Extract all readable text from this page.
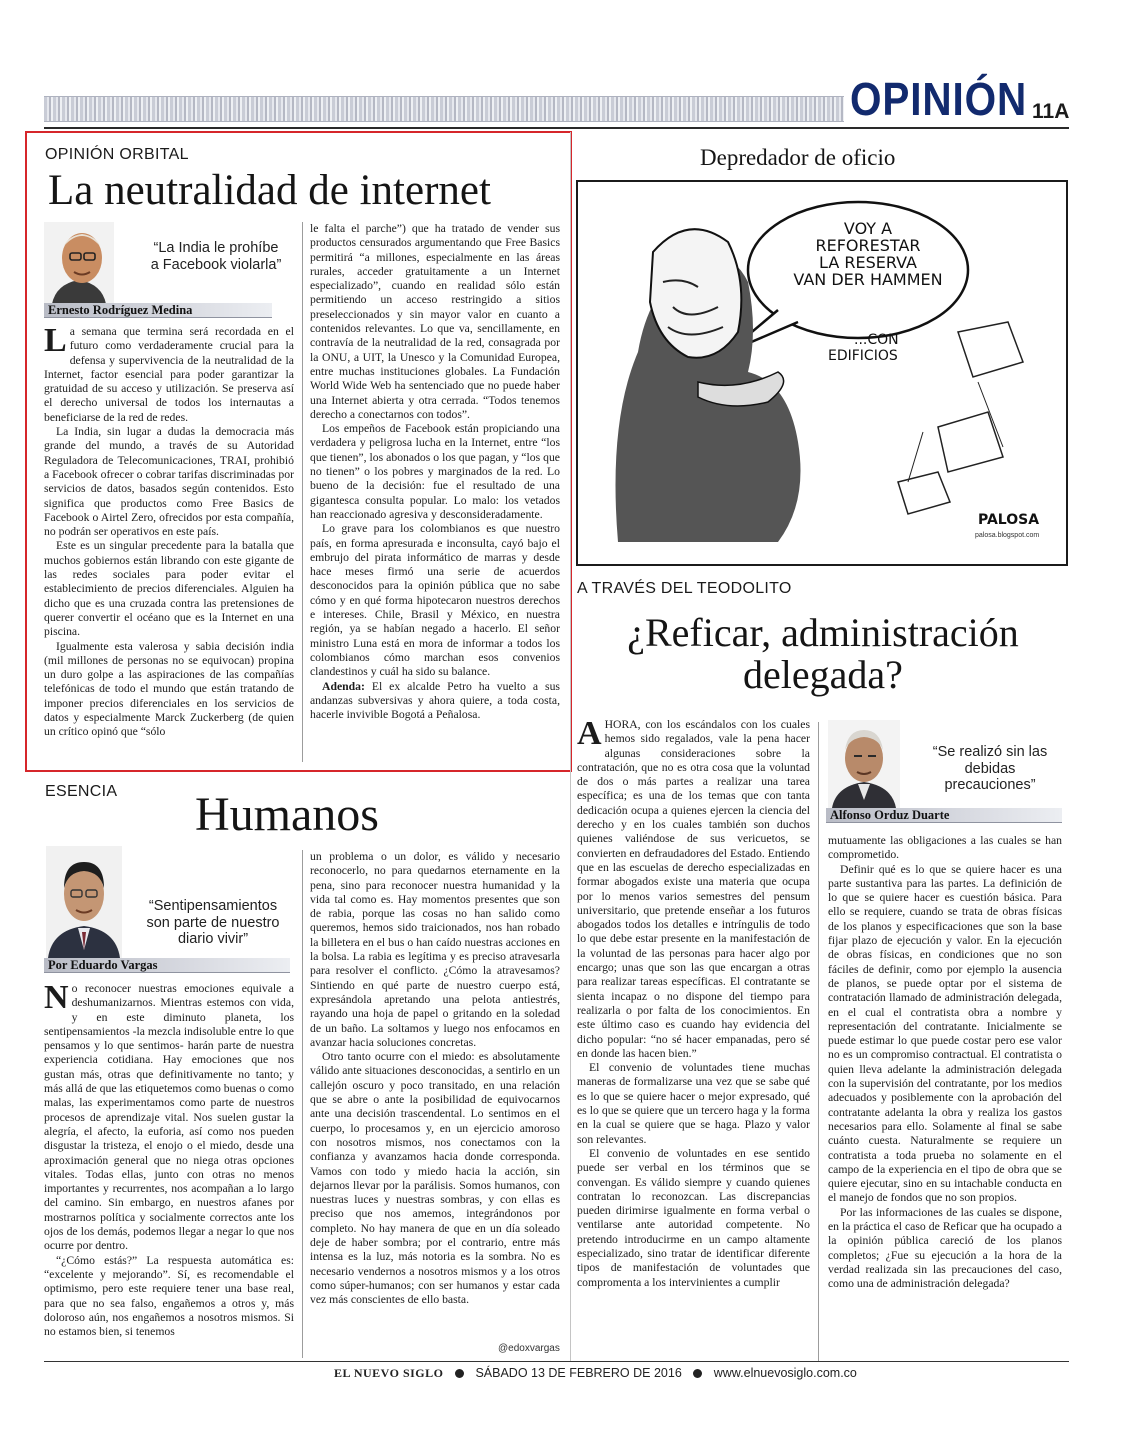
OPINIÓN 11A
OPINIÓN ORBITAL
La neutralidad de internet
“La India le prohíbe a Facebook violarla”
Ernesto Rodríguez Medina

La semana que termina será recordada en el futuro como verdaderamente crucial para la defensa y supervivencia de la neutralidad de la Internet, factor esencial para poder garantizar la gratuidad de su acceso y utilización. Se preserva así el derecho universal de todos los internautas a beneficiarse de la red de redes.

La India, sin lugar a dudas la democracia más grande del mundo, a través de su Autoridad Reguladora de Telecomunicaciones, TRAI, prohibió a Facebook ofrecer o cobrar tarifas discriminadas por servicios de datos, basados según contenidos. Esto significa que productos como Free Basics de Facebook o Airtel Zero, ofrecidos por esta compañía, no podrán ser operativos en este país.

Este es un singular precedente para la batalla que muchos gobiernos están librando con este gigante de las redes sociales para poder evitar el establecimiento de precios diferenciales. Alguien ha dicho que es una cruzada contra las pretensiones de querer convertir el océano que es la Internet en una piscina.

Igualmente esta valerosa y sabia decisión india (mil millones de personas no se equivocan) propina un duro golpe a las aspiraciones de las compañías telefónicas de todo el mundo que están tratando de imponer precios diferenciales en los servicios de datos y especialmente Marck Zuckerberg (de quien un crítico opinó que “sólo

le falta el parche”) que ha tratado de vender sus productos censurados argumentando que Free Basics permitirá “a millones, especialmente en las áreas rurales, acceder gratuitamente a un Internet especializado”, cuando en realidad sólo están permitiendo un acceso restringido a sitios preseleccionados y sin mayor valor en cuanto a contenidos relevantes. Lo que va, sencillamente, en contravía de la neutralidad de la red, consagrada por la ONU, a UIT, la Unesco y la Comunidad Europea, entre muchas instituciones globales. La Fundación World Wide Web ha sentenciado que no puede haber una Internet abierta y otra cerrada. “Todos tenemos derecho a conectarnos con todos”.

Los empeños de Facebook están propiciando una verdadera y peligrosa lucha en la Internet, entre “los que tienen”, los abonados o los que pagan, y “los que no tienen” o los pobres y marginados de la red. Lo bueno de la decisión: fue el resultado de una gigantesca consulta popular. Lo malo: los vetados han reaccionado agresiva y desconsideradamente.

Lo grave para los colombianos es que nuestro país, en forma apresurada e inconsulta, cayó bajo el embrujo del pirata informático de marras y desde hace meses firmó una serie de acuerdos desconocidos para la opinión pública que no sabe cómo y en qué forma hipotecaron nuestros derechos e intereses. Chile, Brasil y México, en nuestra región, ya se habían negado a hacerlo. El señor ministro Luna está en mora de informar a todos los colombianos cómo marchan esos convenios clandestinos y cuál ha sido su balance.

Adenda: El ex alcalde Petro ha vuelto a sus andanzas subversivas y ahora quiere, a toda costa, hacerle invivible Bogotá a Peñalosa.

Depredador de oficio
VOY A
REFORESTAR
LA RESERVA
VAN DER HAMMEN
...CON
EDIFICIOS
PALOSA
palosa.blogspot.com
A TRAVÉS DEL TEODOLITO
¿Reficar, administración
delegada?

AHORA, con los escándalos con los cuales hemos sido regalados, vale la pena hacer algunas consideraciones sobre la contratación, que no es otra cosa que la voluntad de dos o más partes a realizar una tarea específica; es una de los temas que con tanta dedicación ocupa a quienes ejercen la ciencia del derecho y en los cuales también son duchos quienes valiéndose de sus vericuetos, se convierten en defraudadores del Estado. Entiendo que en las escuelas de derecho especializadas en formar abogados existe una materia que ocupa por lo menos varios semestres del pensum universitario, que pretende enseñar a los futuros abogados todos los detalles e intríngulis de todo lo que debe estar presente en la manifestación de la voluntad de las personas para hacer algo por encargo; unas que son las que encargan a otras para realizar tareas específicas. El contratante se sienta incapaz o no dispone del tiempo para realizarla o por falta de los conocimientos. En este último caso es cuando hay evidencia del dicho popular: “no sé hacer empanadas, pero sé en donde las hacen bien.”

El convenio de voluntades tiene muchas maneras de formalizarse una vez que se sabe qué es lo que se quiere hacer o mejor expresado, qué es lo que se quiere que un tercero haga y la forma en la cual se quiere que se haga. Plazo y valor son relevantes.

El convenio de voluntades en ese sentido puede ser verbal en los términos que se convengan. Es válido siempre y cuando quienes contratan lo reconozcan. Las discrepancias pueden dirimirse igualmente en forma verbal o ventilarse ante autoridad competente. No pretendo introducirme en un campo altamente especializado, sino tratar de identificar diferente tipos de manifestación de voluntades que compromenta a los intervinientes a cumplir

“Se realizó sin las debidas precauciones”
Alfonso Orduz Duarte

mutuamente las obligaciones a las cuales se han comprometido.

Definir qué es lo que se quiere hacer es una parte sustantiva para las partes. La definición de lo que se quiere hacer es cuestión básica. Para ello se requiere, cuando se trata de obras físicas de los planos y especificaciones que son la base fijar plazo de ejecución y valor. En la ejecución de obras físicas, en condiciones que no son fáciles de definir, como por ejemplo la ausencia de planos, se puede optar por el sistema de contratación llamado de administración delegada, en el cual el contratista obra a nombre y representación del contratante. Inicialmente se puede estimar lo que puede costar pero ese valor no es un compromiso contractual. El contratista o quien lleva adelante la administración delegada con la supervisión del contratante, por los medios adecuados y posiblemente con la aprobación del contratante adelanta la obra y realiza los gastos necesarios para ello. Solamente al final se sabe cuánto cuesta. Naturalmente se requiere un contratista a toda prueba no solamente en el campo de la experiencia en el tipo de obra que se quiere ejecutar, sino en su intachable conducta en el manejo de fondos que no son propios.

Por las informaciones de las cuales se dispone, en la práctica el caso de Reficar que ha ocupado a la opinión pública careció de los planos completos; ¿Fue su ejecución a la hora de la verdad realizada sin las precauciones del caso, como una de administración delegada?

ESENCIA Humanos
“Sentipensamientos son parte de nuestro diario vivir”
Por Eduardo Vargas

No reconocer nuestras emociones equivale a deshumanizarnos. Mientras estemos con vida, y en este diminuto planeta, los sentipensamientos -la mezcla indisoluble entre lo que pensamos y lo que sentimos- harán parte de nuestra experiencia cotidiana. Hay emociones que nos gustan más, otras que definitivamente no tanto; y más allá de que las etiquetemos como buenas o como malas, las experimentamos como parte de nuestros procesos de aprendizaje vital. Nos suelen gustar la alegría, el afecto, la euforia, así como nos pueden disgustar la tristeza, el enojo o el miedo, desde una aproximación general que no niega otras opciones vitales. Todas ellas, junto con otras no menos importantes y recurrentes, nos acompañan a lo largo del camino. Sin embargo, en nuestros afanes por mostrarnos política y socialmente correctos ante los ojos de los demás, podemos llegar a negar lo que nos ocurre por dentro.

“¿Cómo estás?” La respuesta automática es: “excelente y mejorando”. Sí, es recomendable el optimismo, pero este requiere tener una base real, para que no sea falso, engañemos a otros y, más doloroso aún, nos engañemos a nosotros mismos. Si no estamos bien, si tenemos

un problema o un dolor, es válido y necesario reconocerlo, no para quedarnos eternamente en la pena, sino para reconocer nuestra humanidad y la vida tal como es. Hay momentos presentes que son de rabia, porque las cosas no han salido como queremos, hemos sido traicionados, nos han robado la billetera en el bus o han caído nuestras acciones en la bolsa. La rabia es legítima y es preciso atravesarla para resolver el conflicto. ¿Cómo la atravesamos? Sintiendo en qué parte de nuestro cuerpo está, expresándola apretando una pelota antiestrés, rayando una hoja de papel o gritando en la soledad de un baño. La soltamos y luego nos enfocamos en avanzar hacia soluciones concretas.

Otro tanto ocurre con el miedo: es absolutamente válido ante situaciones desconocidas, a sentirlo en un callejón oscuro y poco transitado, en una relación que se abre o ante la posibilidad de equivocarnos ante una decisión trascendental. Lo sentimos en el cuerpo, lo procesamos y, en un ejercicio amoroso con nosotros mismos, nos conectamos con la confianza y avanzamos hacia donde corresponda. Vamos con todo y miedo hacia la acción, sin dejarnos llevar por la parálisis. Somos humanos, con nuestras luces y nuestras sombras, y con ellas es preciso que nos amemos, integrándonos por completo. No hay manera de que en un día soleado deje de haber sombra; por el contrario, entre más intensa es la luz, más notoria es la sombra. No es necesario vendernos a nosotros mismos y a los otros como súper-humanos; con ser humanos y estar cada vez más conscientes de ello basta.

@edoxvargas
EL NUEVO SIGLO	SÁBADO 13 DE FEBRERO DE 2016	www.elnuevosiglo.com.co
